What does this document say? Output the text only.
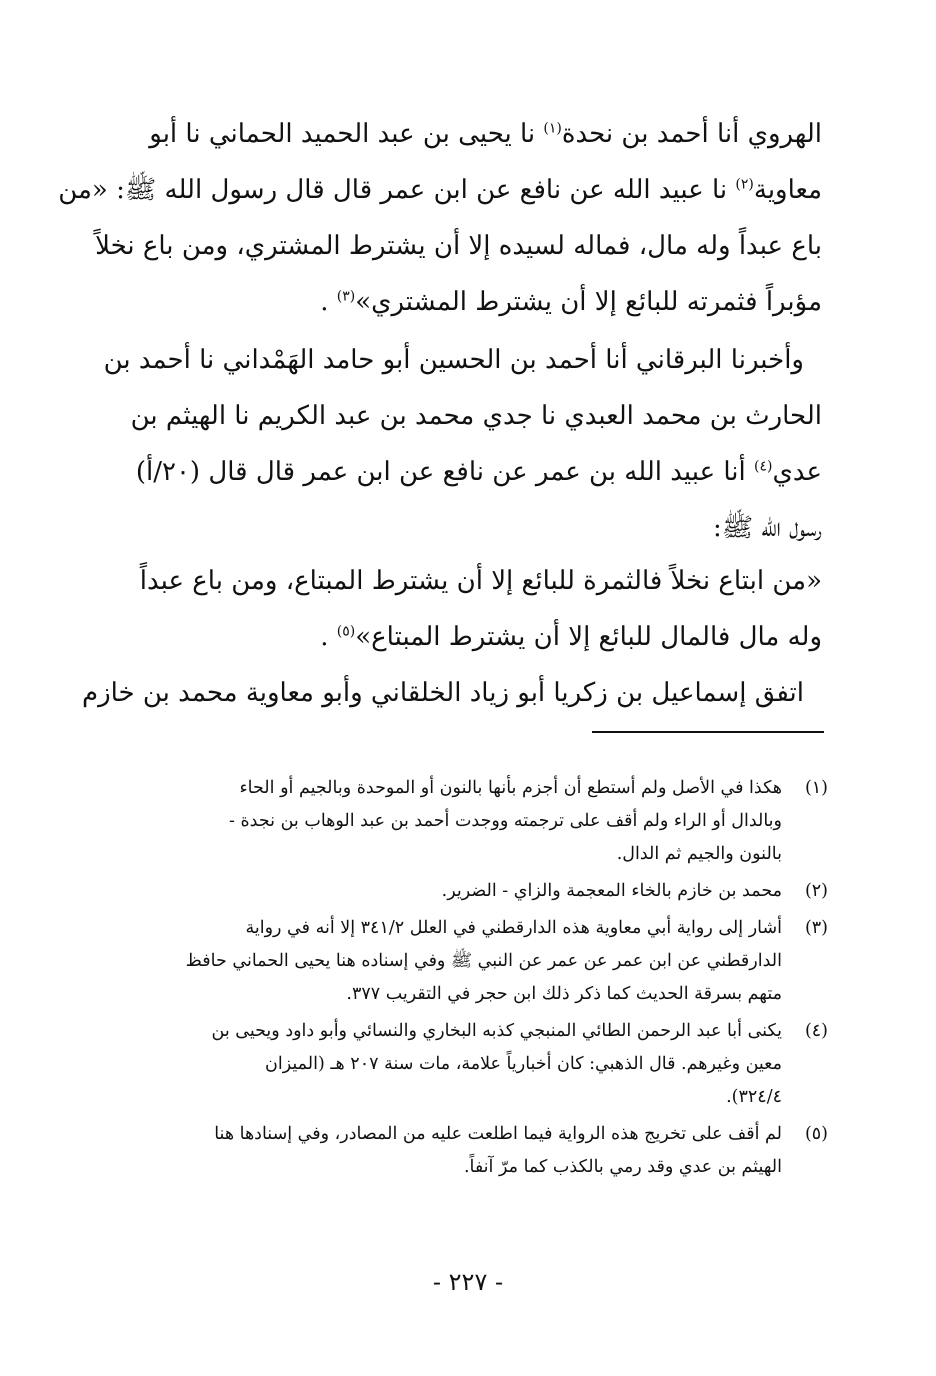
الهروي أنا أحمد بن نحدة$^{(١)}$ نا يحيى بن عبد الحميد الحماني نا أبو
معاوية$^{(٢)}$ نا عبيد الله عن نافع عن ابن عمر قال قال رسول الله ﷺ: «من
باع عبداً وله مال، فماله لسيده إلا أن يشترط المشتري، ومن باع نخلاً
مؤبراً فثمرته للبائع إلا أن يشترط المشتري»$^{(٣)}$ .
وأخبرنا البرقاني أنا أحمد بن الحسين أبو حامد الهَمْداني نا أحمد بن
الحارث بن محمد العبدي نا جدي محمد بن عبد الكريم نا الهيثم بن
عدي$^{(٤)}$ أنا عبيد الله بن عمر عن نافع عن ابن عمر قال قال (٢٠/أ)
رسول الله ﷺ:
«من ابتاع نخلاً فالثمرة للبائع إلا أن يشترط المبتاع، ومن باع عبداً
وله مال فالمال للبائع إلا أن يشترط المبتاع»$^{(٥)}$ .
اتفق إسماعيل بن زكريا أبو زياد الخلقاني وأبو معاوية محمد بن خازم
(١)
هكذا في الأصل ولم أستطع أن أجزم بأنها بالنون أو الموحدة وبالجيم أو الحاء
وبالدال أو الراء ولم أقف على ترجمته ووجدت أحمد بن عبد الوهاب بن نجدة -
بالنون والجيم ثم الدال.
(٢)
محمد بن خازم بالخاء المعجمة والزاي - الضرير.
(٣)
أشار إلى رواية أبي معاوية هذه الدارقطني في العلل ٣٤١/٢ إلا أنه في رواية
الدارقطني عن ابن عمر عن عمر عن النبي ﷺ وفي إسناده هنا يحيى الحماني حافظ
متهم بسرقة الحديث كما ذكر ذلك ابن حجر في التقريب ٣٧٧.
(٤)
يكنى أبا عبد الرحمن الطائي المنبجي كذبه البخاري والنسائي وأبو داود ويحيى بن
معين وغيرهم. قال الذهبي: كان أخبارياً علامة، مات سنة ٢٠٧ هـ (الميزان
٣٢٤/٤).
(٥)
لم أقف على تخريج هذه الرواية فيما اطلعت عليه من المصادر، وفي إسنادها هنا
الهيثم بن عدي وقد رمي بالكذب كما مرّ آنفاً.
- ٢٢٧ -
